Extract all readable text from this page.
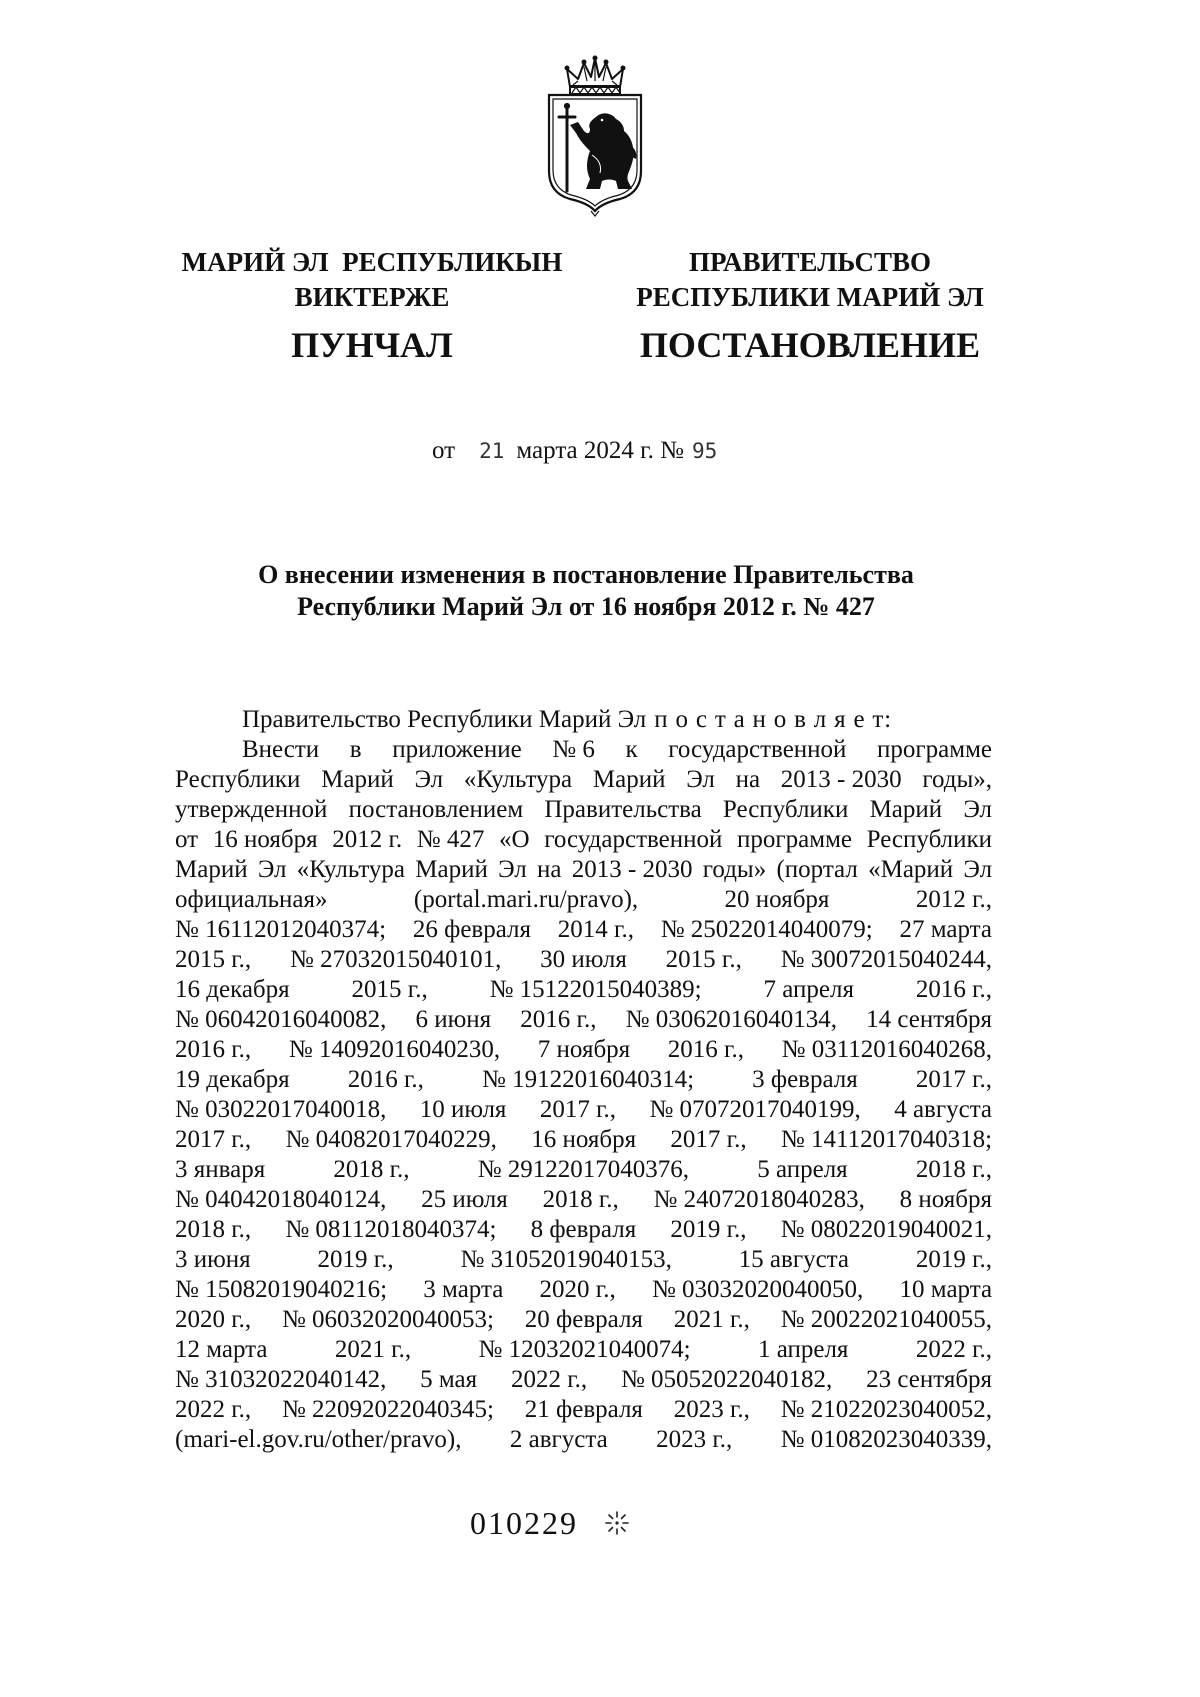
МАРИЙ ЭЛ  РЕСПУБЛИКЫН
ВИКТЕРЖЕ
ПУНЧАЛ
ПРАВИТЕЛЬСТВО
РЕСПУБЛИКИ МАРИЙ ЭЛ
ПОСТАНОВЛЕНИЕ
от 21 марта 2024 г. № 95
О внесении изменения в постановление Правительства
Республики Марий Эл от 16 ноября 2012 г. № 427
Правительство Республики Марий Эл п о с т а н о в л я е т:
Внести в приложение № 6 к государственной программе
Республики Марий Эл «Культура Марий Эл на 2013 - 2030 годы»,
утвержденной постановлением Правительства Республики Марий Эл
от 16 ноября 2012 г. № 427 «О государственной программе Республики
Марий Эл «Культура Марий Эл на 2013 - 2030 годы» (портал «Марий Эл
официальная»	(portal.mari.ru/pravo),	20 ноября	2012 г.,
№ 16112012040374; 26 февраля 2014 г., № 25022014040079; 27 марта
2015 г., № 27032015040101, 30 июля 2015 г., № 30072015040244,
16 декабря 2015 г., № 15122015040389; 7 апреля 2016 г.,
№ 06042016040082, 6 июня 2016 г., № 03062016040134, 14 сентября
2016 г., № 14092016040230, 7 ноября 2016 г., № 03112016040268,
19 декабря 2016 г., № 19122016040314; 3 февраля 2017 г.,
№ 03022017040018, 10 июля 2017 г., № 07072017040199, 4 августа
2017 г., № 04082017040229, 16 ноября 2017 г., № 14112017040318;
3 января	2018 г.,	№ 29122017040376,	5 апреля	2018 г.,
№ 04042018040124, 25 июля 2018 г., № 24072018040283, 8 ноября
2018 г., № 08112018040374; 8 февраля 2019 г., № 08022019040021,
3 июня	2019 г.,	№ 31052019040153,	15 августа	2019 г.,
№ 15082019040216; 3 марта 2020 г., № 03032020040050, 10 марта
2020 г., № 06032020040053; 20 февраля 2021 г., № 20022021040055,
12 марта	2021 г.,	№ 12032021040074;	1 апреля	2022 г.,
№ 31032022040142, 5 мая 2022 г., № 05052022040182, 23 сентября
2022 г., № 22092022040345; 21 февраля 2023 г., № 21022023040052,
(mari-el.gov.ru/other/pravo), 2 августа 2023 г., № 01082023040339,
010229
